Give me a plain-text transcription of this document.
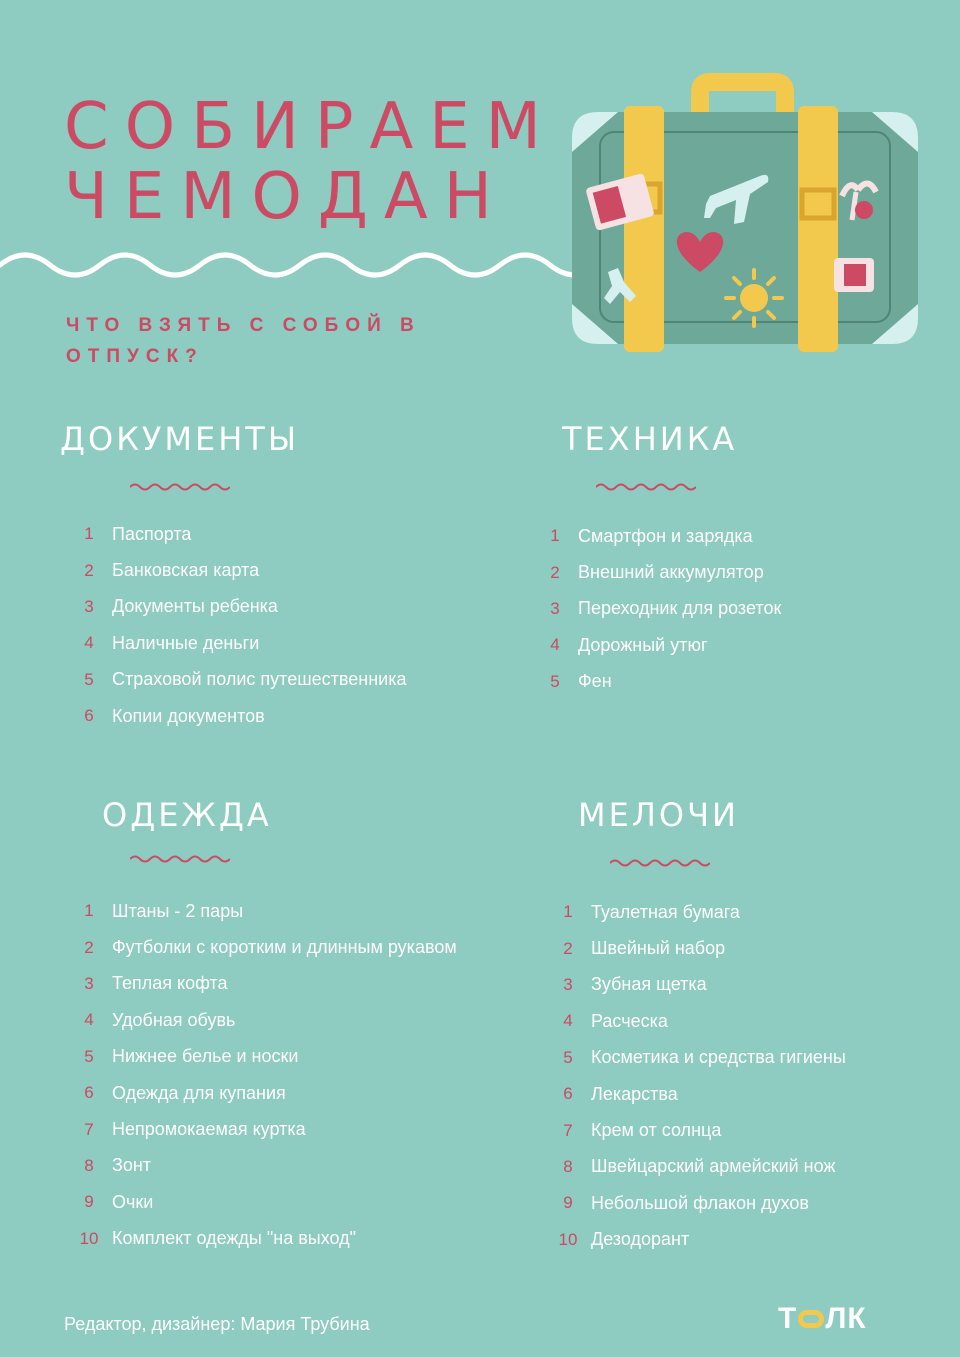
СОБИРАЕМ
ЧЕМОДАН
ЧТО ВЗЯТЬ С СОБОЙ В ОТПУСК?
ДОКУМЕНТЫ
1	Паспорта
2	Банковская карта
3	Документы ребенка
4	Наличные деньги
5	Страховой полис путешественника
6	Копии документов
ТЕХНИКА
1	Смартфон и зарядка
2	Внешний аккумулятор
3	Переходник для розеток
4	Дорожный утюг
5	Фен
ОДЕЖДА
1	Штаны - 2 пары
2	Футболки с коротким и длинным рукавом
3	Теплая кофта
4	Удобная обувь
5	Нижнее белье и носки
6	Одежда для купания
7	Непромокаемая куртка
8	Зонт
9	Очки
10 Комплект одежды "на выход"
МЕЛОЧИ
1	Туалетная бумага
2	Швейный набор
3	Зубная щетка
4	Расческа
5	Косметика и средства гигиены
6	Лекарства
7	Крем от солнца
8	Швейцарский армейский нож
9	Небольшой флакон духов
10 Дезодорант
Редактор, дизайнер: Мария Трубина	Т ЛК
